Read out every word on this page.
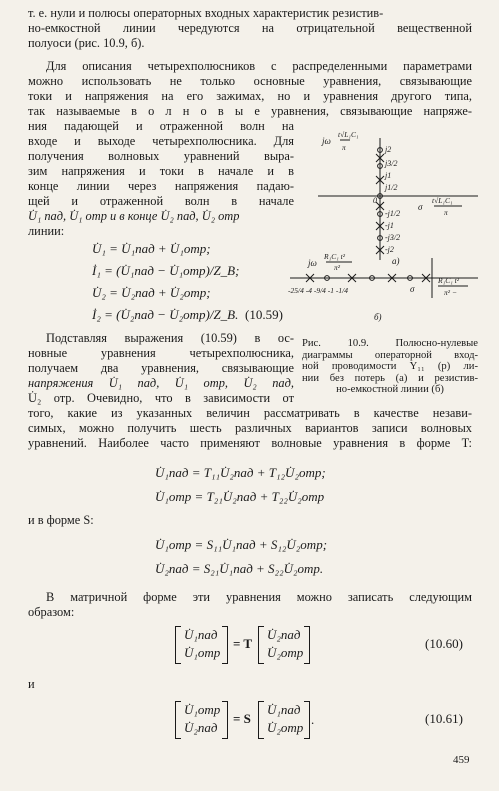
т. е. нули и полюсы операторных входных характеристик резистив-
но-емкостной линии чередуются на отрицательной вещественной
полуоси (рис. 10.9, б).
Для описания четырехполюсников с распределенными параметрами
можно использовать не только основные уравнения, связывающие
токи и напряжения на его зажимах, но и уравнения другого типа,
так называемые в о л н о в ы е уравнения, связывающие напряже-
ния падающей и отраженной волн на
входе и выходе четырехполюсника. Для
получения волновых уравнений выра-
зим напряжения и токи в начале и в
конце линии через напряжения падаю-
щей и отраженной волн в начале
U̇₁ пад, U̇₁ отр и в конце U̇₂ пад, U̇₂ отр
линии:
U̇₁ = U̇₁пад + U̇₁отр;
İ₁ = (U̇₁пад − U̇₁отр)/Z_B;
U̇₂ = U̇₂пад + U̇₂отр;
İ₂ = (U̇₂пад − U̇₂отр)/Z_B. (10.59)
jω
t√L₁C₁
π	j2
j3/2
j1
j1/2
0
-j1/2
-j1
-j3/2
-j2
σ
t√L₁C₁
π
a)
jω
R₁C₁ t²
π²
-25/4 -4 -9/4 -1 -1/4	σ
R₁C₁ t²
π² −
б)
Рис. 10.9. Полюсно-нулевые
диаграммы операторной вход-
ной проводимости Y₁₁ (p) ли-
нии без потерь (а) и резистив-
но-емкостной линии (б)
Подставляя выражения (10.59) в ос-
новные уравнения четырехполюсника,
получаем два уравнения, связывающие
напряжения U̇₁ пад, U̇₁ отр, U̇₂ пад,
U̇₂ отр. Очевидно, что в зависимости от
того, какие из указанных величин рассматривать в качестве незави-
симых, можно получить шесть различных вариантов записи волновых
уравнений. Наиболее часто применяют волновые уравнения в форме T:
U̇₁пад = T₁₁U̇₂пад + T₁₂U̇₂отр;
U̇₁отр = T₂₁U̇₂пад + T₂₂U̇₂отр
и в форме S:
U̇₁отр = S₁₁U̇₁пад + S₁₂U̇₂отр;
U̇₂пад = S₂₁U̇₁пад + S₂₂U̇₂отр.
В матричной форме эти уравнения можно записать следующим
образом:
U̇₁пад
U̇₁отр
= T
U̇₂пад
U̇₂отр
(10.60)
и
U̇₁отр
U̇₂пад
= S
U̇₁пад
U̇₂отр
.	(10.61)
459
